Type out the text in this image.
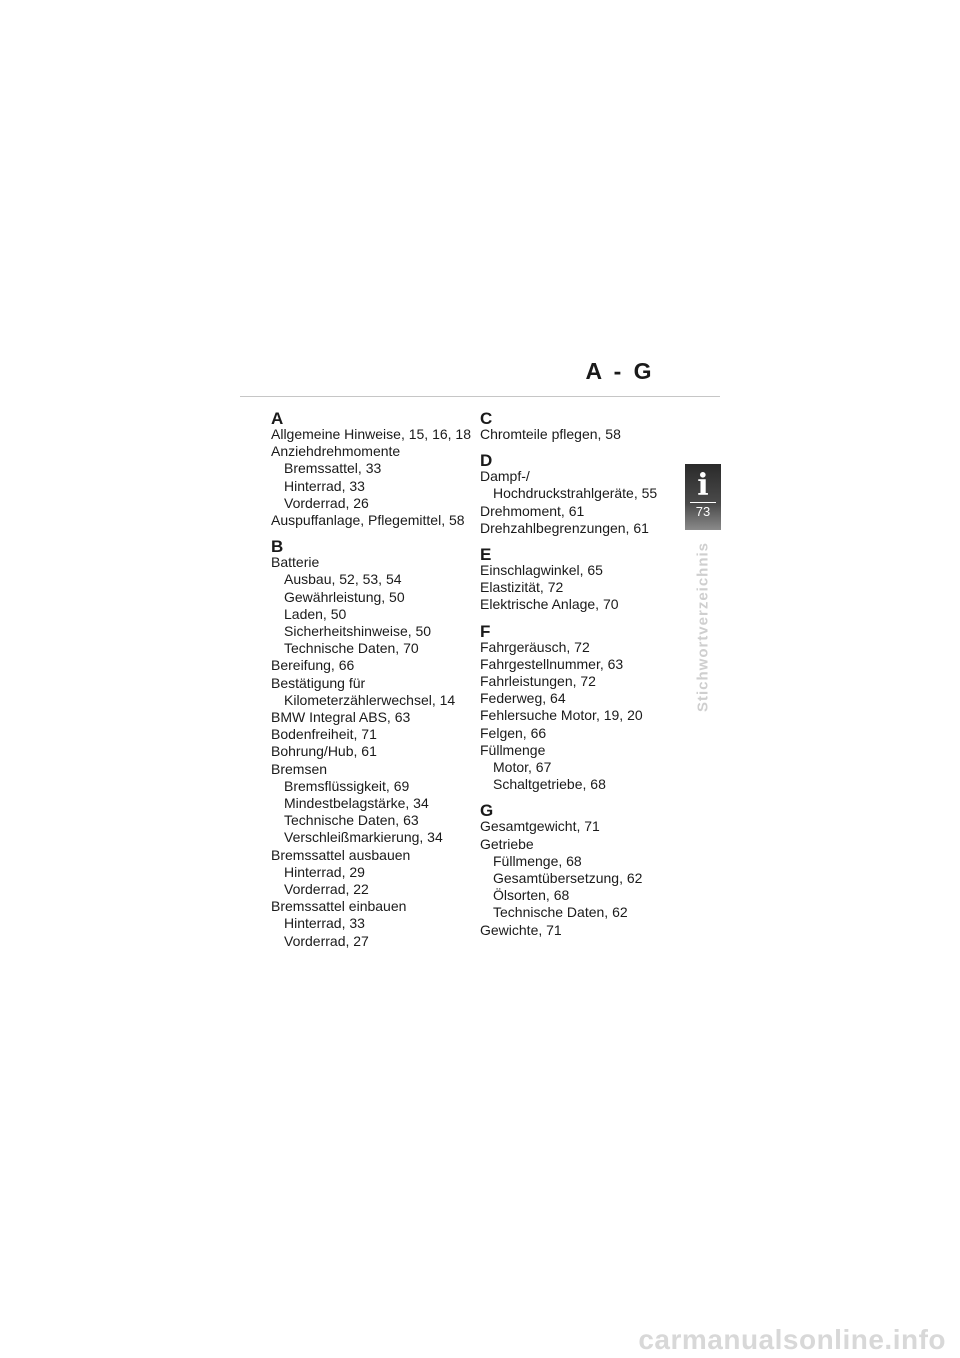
A - G
A
Allgemeine Hinweise, 15, 16, 18
Anziehdrehmomente
Bremssattel, 33
Hinterrad, 33
Vorderrad, 26
Auspuffanlage, Pflegemittel, 58
B
Batterie
Ausbau, 52, 53, 54
Gewährleistung, 50
Laden, 50
Sicherheitshinweise, 50
Technische Daten, 70
Bereifung, 66
Bestätigung für
Kilometerzählerwechsel, 14
BMW Integral ABS, 63
Bodenfreiheit, 71
Bohrung/Hub, 61
Bremsen
Bremsflüssigkeit, 69
Mindestbelagstärke, 34
Technische Daten, 63
Verschleißmarkierung, 34
Bremssattel ausbauen
Hinterrad, 29
Vorderrad, 22
Bremssattel einbauen
Hinterrad, 33
Vorderrad, 27
C
Chromteile pflegen, 58
D
Dampf-/
Hochdruckstrahlgeräte, 55
Drehmoment, 61
Drehzahlbegrenzungen, 61
E
Einschlagwinkel, 65
Elastizität, 72
Elektrische Anlage, 70
F
Fahrgeräusch, 72
Fahrgestellnummer, 63
Fahrleistungen, 72
Federweg, 64
Fehlersuche Motor, 19, 20
Felgen, 66
Füllmenge
Motor, 67
Schaltgetriebe, 68
G
Gesamtgewicht, 71
Getriebe
Füllmenge, 68
Gesamtübersetzung, 62
Ölsorten, 68
Technische Daten, 62
Gewichte, 71
i
73
Stichwortverzeichnis
carmanualsonline.info
